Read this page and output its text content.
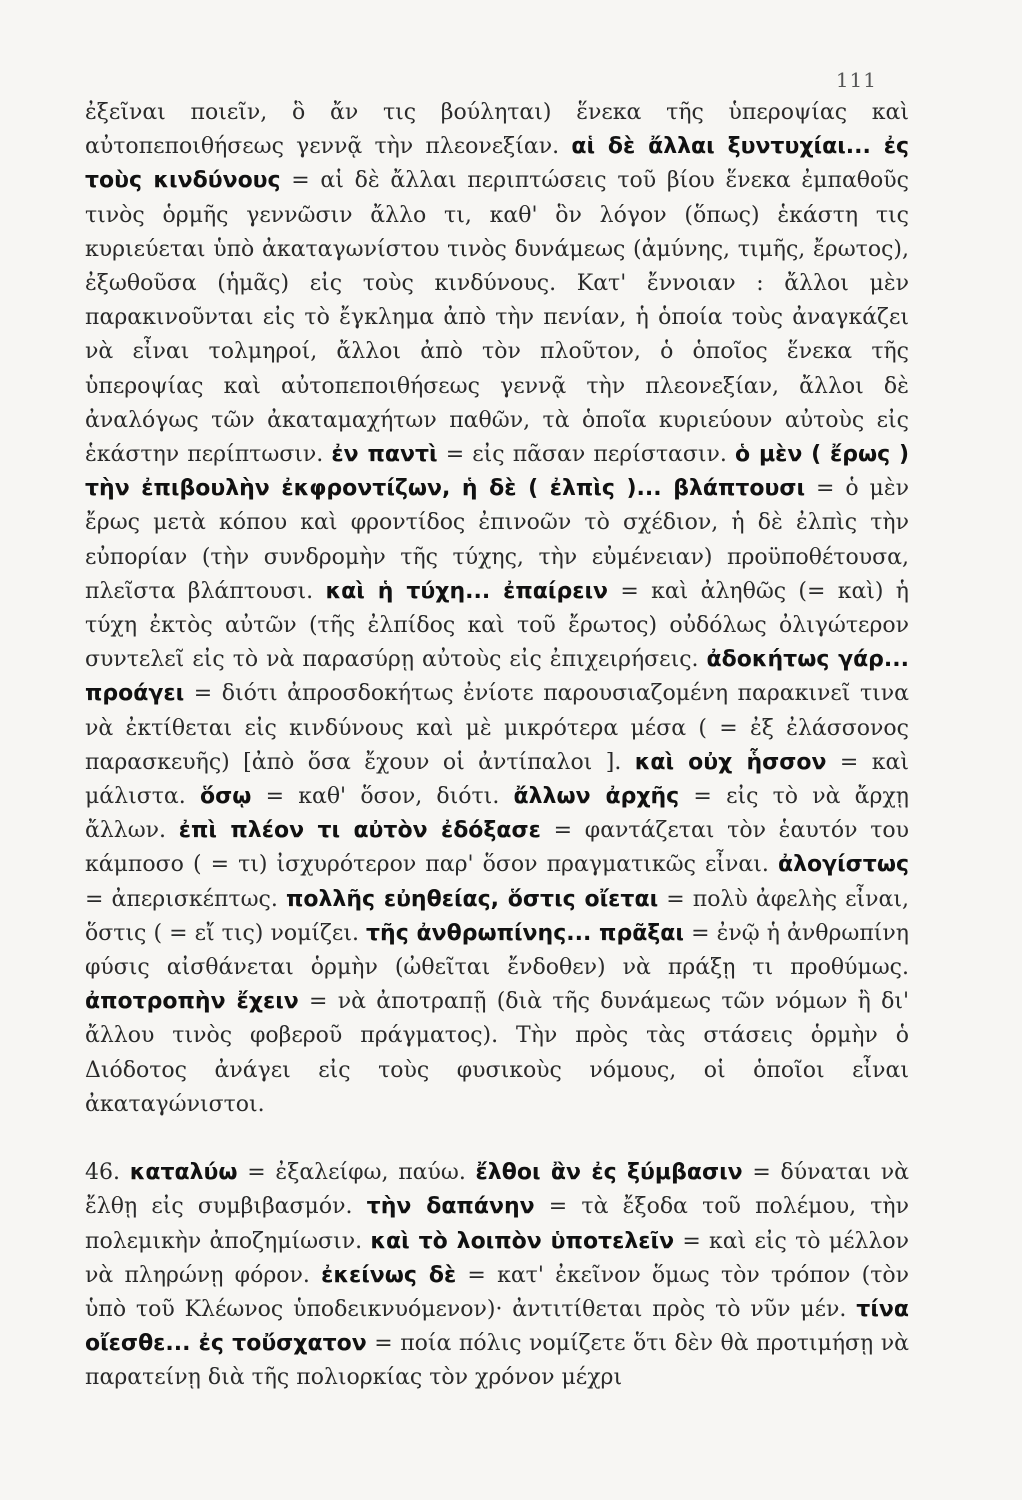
111

ἐξεῖναι ποιεῖν, ὃ ἄν τις βούληται) ἕνεκα τῆς ὑπεροψίας καὶ αὐτοπεποιθήσεως γεννᾷ τὴν πλεονεξίαν. αἱ δὲ ἄλλαι ξυντυχίαι... ἐς τοὺς κινδύνους = αἱ δὲ ἄλλαι περιπτώσεις τοῦ βίου ἕνεκα ἐμπαθοῦς τινὸς ὁρμῆς γεννῶσιν ἄλλο τι, καθ' ὃν λόγον (ὅπως) ἑκάστη τις κυριεύεται ὑπὸ ἀκαταγωνίστου τινὸς δυνάμεως (ἀμύνης, τιμῆς, ἔρωτος), ἐξωθοῦσα (ἡμᾶς) εἰς τοὺς κινδύνους. Κατ' ἔννοιαν : ἄλλοι μὲν παρακινοῦνται εἰς τὸ ἔγκλημα ἀπὸ τὴν πενίαν, ἡ ὁποία τοὺς ἀναγκάζει νὰ εἶναι τολμηροί, ἄλλοι ἀπὸ τὸν πλοῦτον, ὁ ὁποῖος ἕνεκα τῆς ὑπεροψίας καὶ αὐτοπεποιθήσεως γεννᾷ τὴν πλεονεξίαν, ἄλλοι δὲ ἀναλόγως τῶν ἀκαταμαχήτων παθῶν, τὰ ὁποῖα κυριεύουν αὐτοὺς εἰς ἑκάστην περίπτωσιν. ἐν παντὶ = εἰς πᾶσαν περίστασιν. ὁ μὲν ( ἔρως ) τὴν ἐπιβουλὴν ἐκφροντίζων, ἡ δὲ ( ἐλπὶς )... βλάπτουσι = ὁ μὲν ἔρως μετὰ κόπου καὶ φροντίδος ἐπινοῶν τὸ σχέδιον, ἡ δὲ ἐλπὶς τὴν εὐπορίαν (τὴν συνδρομὴν τῆς τύχης, τὴν εὐμένειαν) προϋποθέτουσα, πλεῖστα βλάπτουσι. καὶ ἡ τύχη... ἐπαίρειν = καὶ ἀληθῶς (= καὶ) ἡ τύχη ἐκτὸς αὐτῶν (τῆς ἐλπίδος καὶ τοῦ ἔρωτος) οὐδόλως ὀλιγώτερον συντελεῖ εἰς τὸ νὰ παρασύρῃ αὐτοὺς εἰς ἐπιχειρήσεις. ἀδοκήτως γάρ... προάγει = διότι ἀπροσδοκήτως ἐνίοτε παρουσιαζομένη παρακινεῖ τινα νὰ ἐκτίθεται εἰς κινδύνους καὶ μὲ μικρότερα μέσα ( = ἐξ ἐλάσσονος παρασκευῆς) [ἀπὸ ὅσα ἔχουν οἱ ἀντίπαλοι ]. καὶ οὐχ ἧσσον = καὶ μάλιστα. ὅσῳ = καθ' ὅσον, διότι. ἄλλων ἀρχῆς = εἰς τὸ νὰ ἄρχῃ ἄλλων. ἐπὶ πλέον τι αὐτὸν ἐδόξασε = φαντάζεται τὸν ἑαυτόν του κάμποσο ( = τι) ἰσχυρότερον παρ' ὅσον πραγματικῶς εἶναι. ἀλογίστως = ἀπερισκέπτως. πολλῆς εὐηθείας, ὅστις οἴεται = πολὺ ἀφελὴς εἶναι, ὅστις ( = εἴ τις) νομίζει. τῆς ἀνθρωπίνης... πρᾶξαι = ἐνῷ ἡ ἀνθρωπίνη φύσις αἰσθάνεται ὁρμὴν (ὠθεῖται ἔνδοθεν) νὰ πράξῃ τι προθύμως. ἀποτροπὴν ἔχειν = νὰ ἀποτραπῇ (διὰ τῆς δυνάμεως τῶν νόμων ἢ δι' ἄλλου τινὸς φοβεροῦ πράγματος). Τὴν πρὸς τὰς στάσεις ὁρμὴν ὁ Διόδοτος ἀνάγει εἰς τοὺς φυσικοὺς νόμους, οἱ ὁποῖοι εἶναι ἀκαταγώνιστοι.

46. καταλύω = ἐξαλείφω, παύω. ἔλθοι ἂν ἐς ξύμβασιν = δύναται νὰ ἔλθῃ εἰς συμβιβασμόν. τὴν δαπάνην = τὰ ἔξοδα τοῦ πολέμου, τὴν πολεμικὴν ἀποζημίωσιν. καὶ τὸ λοιπὸν ὑποτελεῖν = καὶ εἰς τὸ μέλλον νὰ πληρώνῃ φόρον. ἐκείνως δὲ = κατ' ἐκεῖνον ὅμως τὸν τρόπον (τὸν ὑπὸ τοῦ Κλέωνος ὑποδεικνυόμενον)· ἀντιτίθεται πρὸς τὸ νῦν μέν. τίνα οἴεσθε... ἐς τοὔσχατον = ποία πόλις νομίζετε ὅτι δὲν θὰ προτιμήσῃ νὰ παρατείνῃ διὰ τῆς πολιορκίας τὸν χρόνον μέχρι
